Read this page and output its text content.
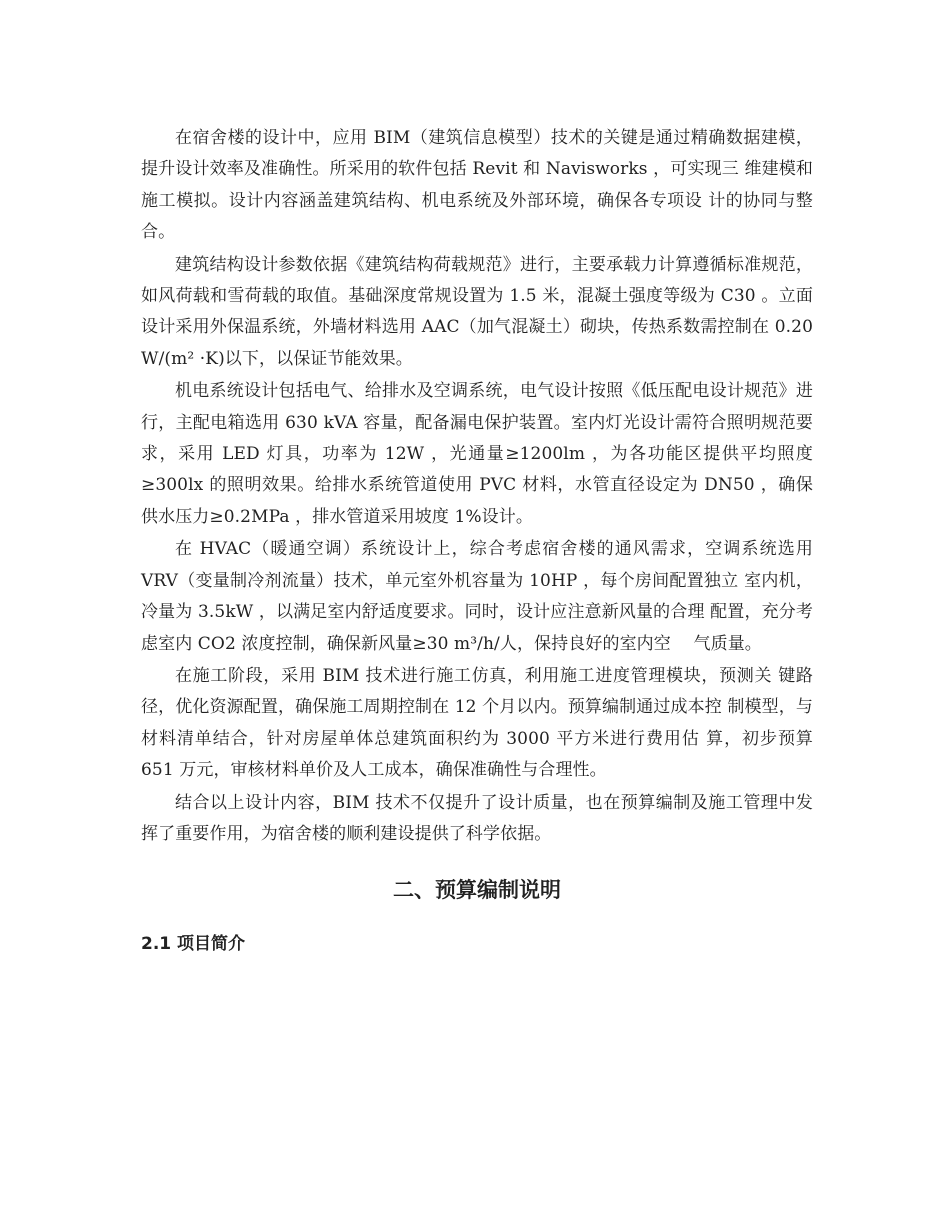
在宿舍楼的设计中，应用 BIM（建筑信息模型）技术的关键是通过精确数据建模，提升设计效率及准确性。所采用的软件包括 Revit 和 Navisworks ，可实现三 维建模和施工模拟。设计内容涵盖建筑结构、机电系统及外部环境，确保各专项设 计的协同与整合。

建筑结构设计参数依据《建筑结构荷载规范》进行，主要承载力计算遵循标准规范，如风荷载和雪荷载的取值。基础深度常规设置为 1.5 米，混凝土强度等级为 C30 。立面设计采用外保温系统，外墙材料选用 AAC（加气混凝土）砌块，传热系数需控制在 0.20 W/(m² ·K)以下，以保证节能效果。

机电系统设计包括电气、给排水及空调系统，电气设计按照《低压配电设计规范》进行，主配电箱选用 630 kVA 容量，配备漏电保护装置。室内灯光设计需符合照明规范要求，采用 LED 灯具，功率为 12W ，光通量≥1200lm ，为各功能区提供平均照度≥300lx 的照明效果。给排水系统管道使用 PVC 材料，水管直径设定为 DN50 ，确保供水压力≥0.2MPa ，排水管道采用坡度 1%设计。

在 HVAC（暖通空调）系统设计上，综合考虑宿舍楼的通风需求，空调系统选用 VRV（变量制冷剂流量）技术，单元室外机容量为 10HP ，每个房间配置独立 室内机，冷量为 3.5kW ，以满足室内舒适度要求。同时，设计应注意新风量的合理 配置，充分考虑室内 CO2 浓度控制，确保新风量≥30 m³/h/人，保持良好的室内空 　气质量。

在施工阶段，采用 BIM 技术进行施工仿真，利用施工进度管理模块，预测关 键路径，优化资源配置，确保施工周期控制在 12 个月以内。预算编制通过成本控 制模型，与材料清单结合，针对房屋单体总建筑面积约为 3000 平方米进行费用估 算，初步预算 651 万元，审核材料单价及人工成本，确保准确性与合理性。

结合以上设计内容，BIM 技术不仅提升了设计质量，也在预算编制及施工管理中发挥了重要作用，为宿舍楼的顺利建设提供了科学依据。

二、预算编制说明
2.1 项目简介
